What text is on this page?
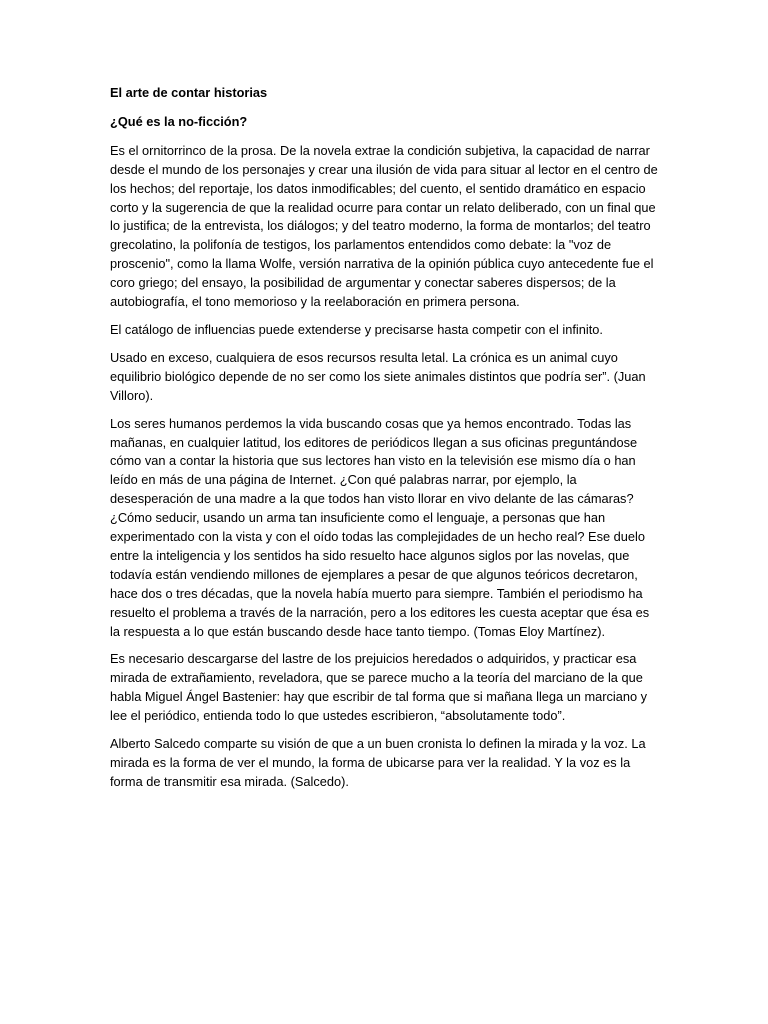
El arte de contar historias

¿Qué es la no-ficción?

Es el ornitorrinco de la prosa. De la novela extrae la condición subjetiva, la capacidad de narrar desde el mundo de los personajes y crear una ilusión de vida para situar al lector en el centro de los hechos; del reportaje, los datos inmodificables; del cuento, el sentido dramático en espacio corto y la sugerencia de que la realidad ocurre para contar un relato deliberado, con un final que lo justifica; de la entrevista, los diálogos; y del teatro moderno, la forma de montarlos; del teatro grecolatino, la polifonía de testigos, los parlamentos entendidos como debate: la "voz de proscenio", como la llama Wolfe, versión narrativa de la opinión pública cuyo antecedente fue el coro griego; del ensayo, la posibilidad de argumentar y conectar saberes dispersos; de la autobiografía, el tono memorioso y la reelaboración en primera persona.

El catálogo de influencias puede extenderse y precisarse hasta competir con el infinito.

Usado en exceso, cualquiera de esos recursos resulta letal. La crónica es un animal cuyo equilibrio biológico depende de no ser como los siete animales distintos que podría ser”. (Juan Villoro).

Los seres humanos perdemos la vida buscando cosas que ya hemos encontrado. Todas las mañanas, en cualquier latitud, los editores de periódicos llegan a sus oficinas preguntándose cómo van a contar la historia que sus lectores han visto en la televisión ese mismo día o han leído en más de una página de Internet. ¿Con qué palabras narrar, por ejemplo, la desesperación de una madre a la que todos han visto llorar en vivo delante de las cámaras? ¿Cómo seducir, usando un arma tan insuficiente como el lenguaje, a personas que han experimentado con la vista y con el oído todas las complejidades de un hecho real? Ese duelo entre la inteligencia y los sentidos ha sido resuelto hace algunos siglos por las novelas, que todavía están vendiendo millones de ejemplares a pesar de que algunos teóricos decretaron, hace dos o tres décadas, que la novela había muerto para siempre. También el periodismo ha resuelto el problema a través de la narración, pero a los editores les cuesta aceptar que ésa es la respuesta a lo que están buscando desde hace tanto tiempo. (Tomas Eloy Martínez).

Es necesario descargarse del lastre de los prejuicios heredados o adquiridos, y practicar esa mirada de extrañamiento, reveladora, que se parece mucho a la teoría del marciano de la que habla Miguel Ángel Bastenier: hay que escribir de tal forma que si mañana llega un marciano y lee el periódico, entienda todo lo que ustedes escribieron, “absolutamente todo”.

Alberto Salcedo comparte su visión de que a un buen cronista lo definen la mirada y la voz. La mirada es la forma de ver el mundo, la forma de ubicarse para ver la realidad. Y la voz es la forma de transmitir esa mirada. (Salcedo).
